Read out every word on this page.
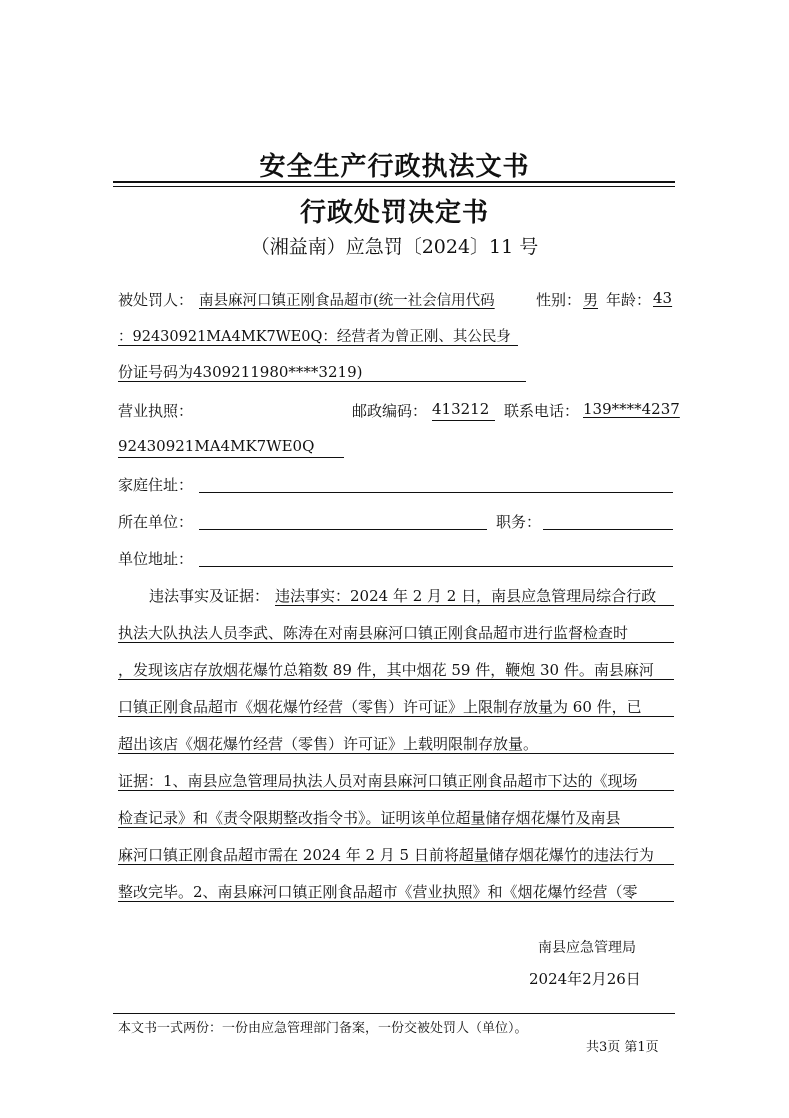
安全生产行政执法文书
行政处罚决定书
（湘益南）应急罚〔2024〕11 号
被处罚人： 南县麻河口镇正刚食品超市(统一社会信用代码	性别： 男 年龄： 43
：92430921MA4MK7WE0Q：经营者为曾正刚、其公民身
份证号码为4309211980****3219)
营业执照：	邮政编码： 413212 联系电话： 139****4237
92430921MA4MK7WE0Q
家庭住址：
所在单位：	职务：
单位地址：
违法事实及证据： 违法事实：2024 年 2 月 2 日，南县应急管理局综合行政
执法大队执法人员李武、陈涛在对南县麻河口镇正刚食品超市进行监督检查时
，发现该店存放烟花爆竹总箱数 89 件，其中烟花 59 件，鞭炮 30 件。南县麻河
口镇正刚食品超市《烟花爆竹经营（零售）许可证》上限制存放量为 60 件，已
超出该店《烟花爆竹经营（零售）许可证》上载明限制存放量。
证据：1、南县应急管理局执法人员对南县麻河口镇正刚食品超市下达的《现场
检查记录》和《责令限期整改指令书》。证明该单位超量储存烟花爆竹及南县
麻河口镇正刚食品超市需在 2024 年 2 月 5 日前将超量储存烟花爆竹的违法行为
整改完毕。2、南县麻河口镇正刚食品超市《营业执照》和《烟花爆竹经营（零
南县应急管理局
2024年2月26日
本文书一式两份：一份由应急管理部门备案，一份交被处罚人（单位）。
共3页 第1页
